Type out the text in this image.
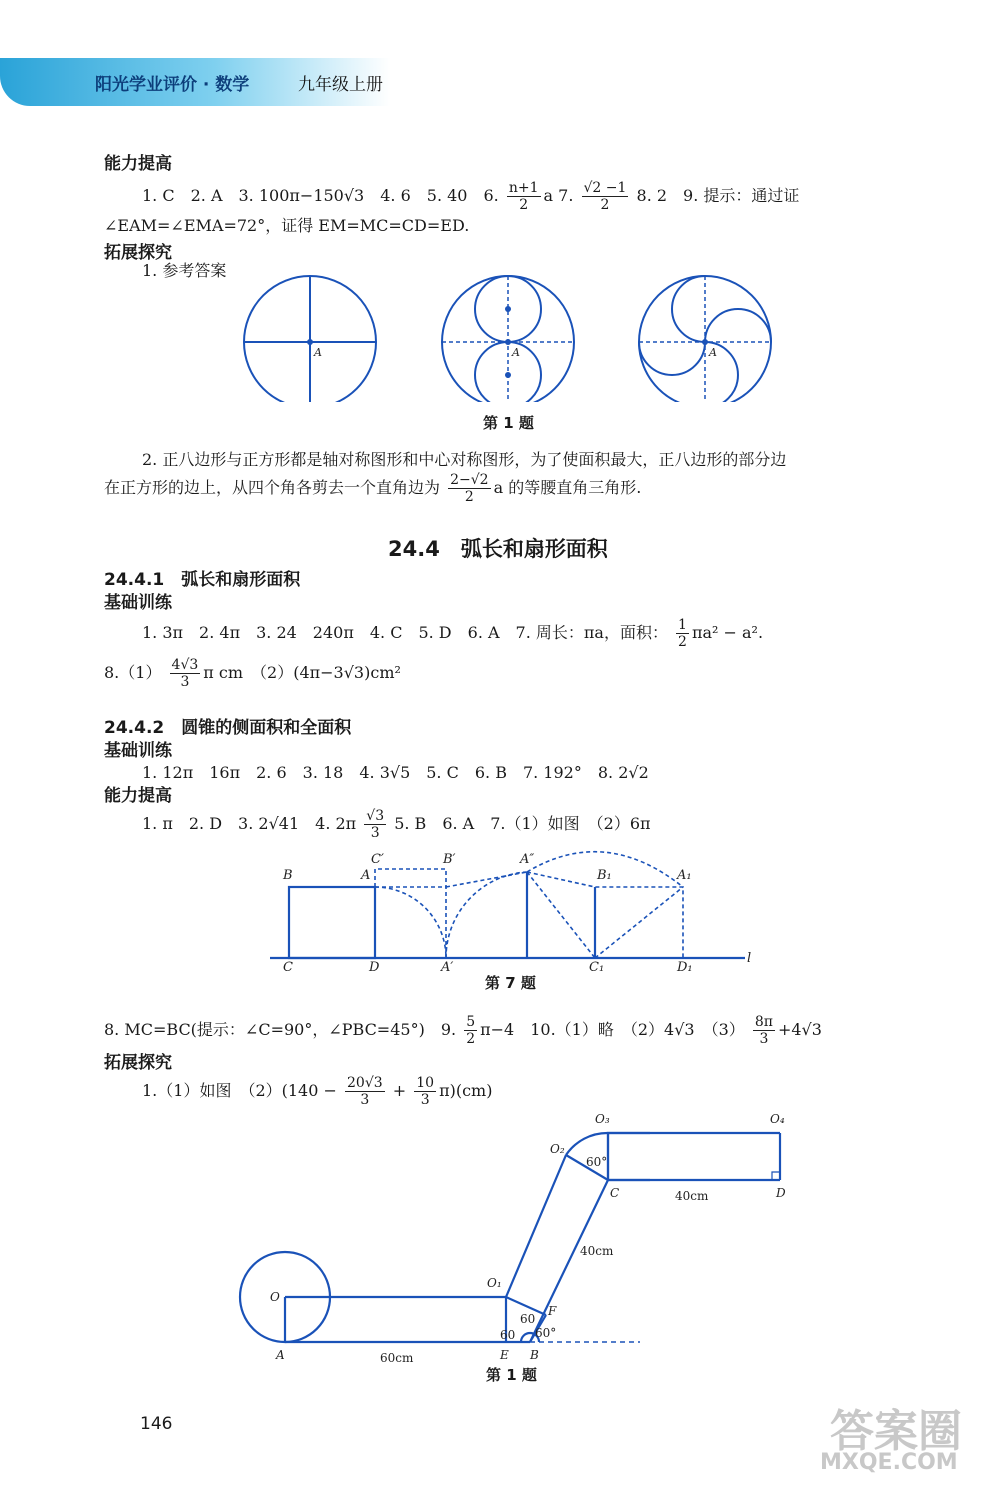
阳光学业评价 · 数学	九年级上册
能力提高
1. C　2. A　3. 100π−150√3　4. 6　5. 40　6. $\frac{n+1}{2}$ a 7. $\frac{√2 -1}{2} 8$. 2　9. 提示：通过证
∠EAM=∠EMA=72°，证得 EM=MC=CD=ED.
拓展探究
1. 参考答案
A	A	A
第 1 题
2. 正八边形与正方形都是轴对称图形和中心对称图形，为了使面积最大，正八边形的部分边
在正方形的边上，从四个角各剪去一个直角边为 $\frac{2-√2}{2}$ a 的等腰直角三角形.
24.4　弧长和扇形面积
24.4.1　弧长和扇形面积
基础训练
1. 3π　2. 4π　3. 24　240π　4. C　5. D　6. A　7. 周长：πa，面积： $\frac{1}{2} \pi a^2 - a^2$.
$8.(1) \frac{4√3}{3}$ π cm　（2）(4π−3√3)cm²
24.4.2　圆锥的侧面积和全面积
基础训练
1. 12π　16π　2. 6　3. 18　4. 3√5　5. C　6. B　7. 192°　8. 2√2
能力提高
1. π　2. D　3. 2√41　4. $2\pi \frac{√3}{3} 5$. B　6. A　7.（1）如图　（2）6π
B	A
C′	B′	A″
B₁	A₁
C	D	A′	C₁	D₁
l
第 7 题
8. MC=BC(提示：∠C=90°，∠PBC=45°)　9. $\frac{5}{2} \pi-4$　10.（1）略　（2）4√3　$(3) \frac{8\pi}{3} +4√3$
拓展探究
1.（1）如图　$(2)(140 - \frac{20√3}{3} + \frac{10}{3} \pi)(cm)$
O
A
O₁
O₂
O₃
C
E B
F
60cm
40cm
60°
60
60 60°
O₄
D
40cm
第 1 题
146	答案圈
MXQE.COM
